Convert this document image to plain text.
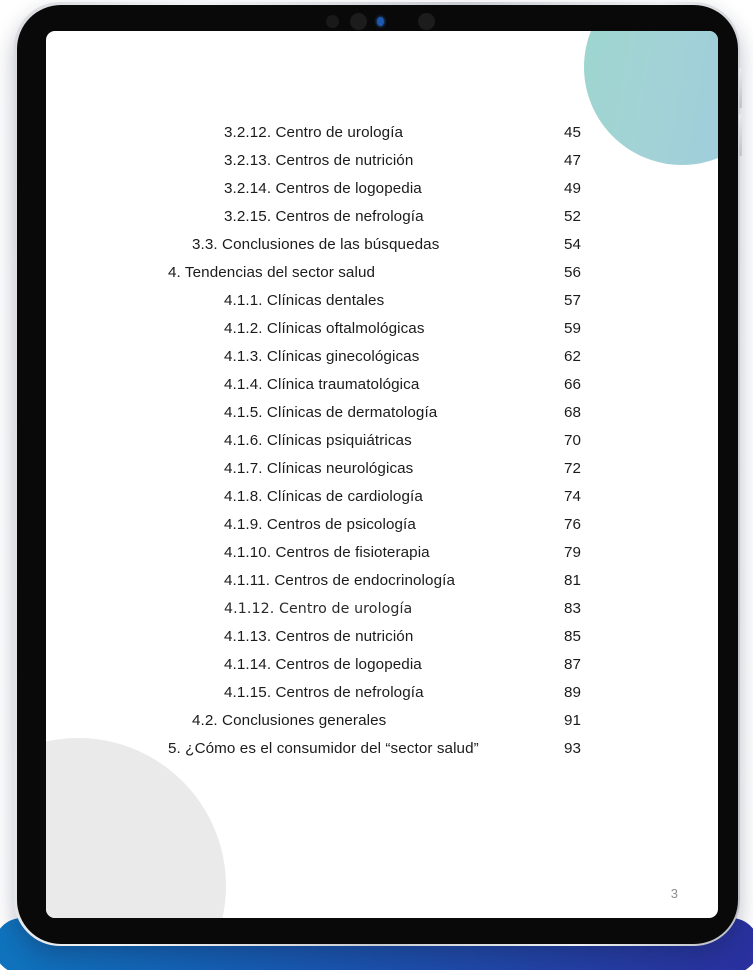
3.2.12. Centro de urología	45
3.2.13. Centros de nutrición	47
3.2.14. Centros de logopedia	49
3.2.15. Centros de nefrología	52
3.3. Conclusiones de las búsquedas	54
4. Tendencias del sector salud	56
4.1.1. Clínicas dentales	57
4.1.2. Clínicas oftalmológicas	59
4.1.3. Clínicas ginecológicas	62
4.1.4. Clínica traumatológica	66
4.1.5. Clínicas de dermatología	68
4.1.6. Clínicas psiquiátricas	70
4.1.7. Clínicas neurológicas	72
4.1.8. Clínicas de cardiología	74
4.1.9. Centros de psicología	76
4.1.10. Centros de fisioterapia	79
4.1.11. Centros de endocrinología	81
4.1.12. Centro de urología	83
4.1.13. Centros de nutrición	85
4.1.14. Centros de logopedia	87
4.1.15. Centros de nefrología	89
4.2. Conclusiones generales	91
5. ¿Cómo es el consumidor del “sector salud”	93
3
